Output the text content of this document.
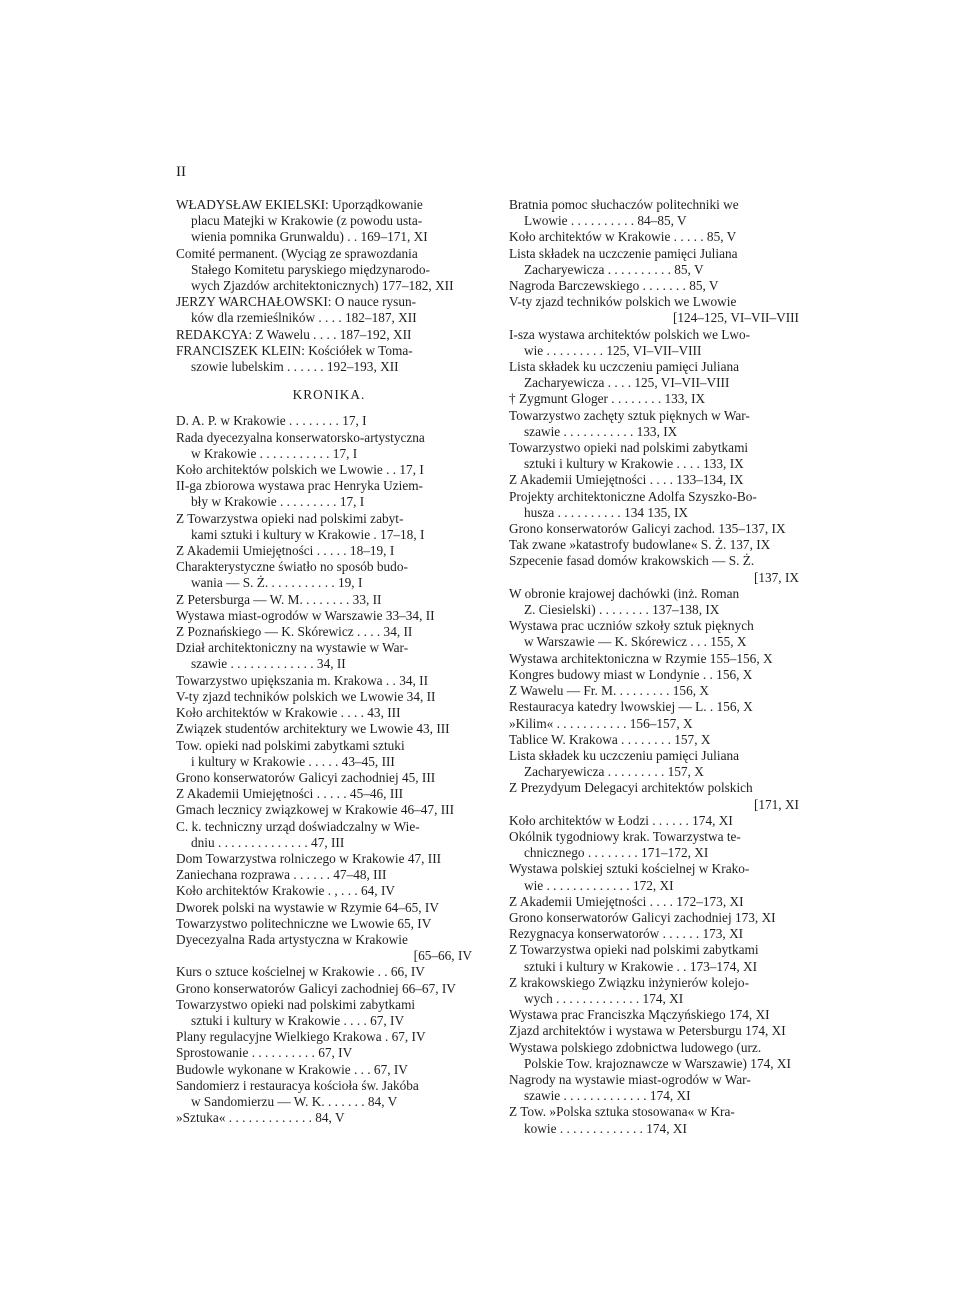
II
WŁADYSŁAW EKIELSKI: Uporządkowanie
placu Matejki w Krakowie (z powodu usta-
wienia pomnika Grunwaldu) . . 169–171, XI
Comité permanent. (Wyciąg ze sprawozdania
Stałego Komitetu paryskiego międzynarodo-
wych Zjazdów architektonicznych) 177–182, XII
JERZY WARCHAŁOWSKI: O nauce rysun-
ków dla rzemieślników . . . . 182–187, XII
REDAKCYA: Z Wawelu . . . . 187–192, XII
FRANCISZEK KLEIN: Kościółek w Toma-
szowie lubelskim . . . . . . 192–193, XII
KRONIKA.
D. A. P. w Krakowie . . . . . . . . 17, I
Rada dyecezyalna konserwatorsko-artystyczna
w Krakowie . . . . . . . . . . . 17, I
Koło architektów polskich we Lwowie . . 17, I
II-ga zbiorowa wystawa prac Henryka Uziem-
bły w Krakowie . . . . . . . . . 17, I
Z Towarzystwa opieki nad polskimi zabyt-
kami sztuki i kultury w Krakowie . 17–18, I
Z Akademii Umiejętności . . . . . 18–19, I
Charakterystyczne światło no sposób budo-
wania — S. Ż. . . . . . . . . . . 19, I
Z Petersburga — W. M. . . . . . . . 33, II
Wystawa miast-ogrodów w Warszawie 33–34, II
Z Poznańskiego — K. Skórewicz . . . . 34, II
Dział architektoniczny na wystawie w War-
szawie . . . . . . . . . . . . . 34, II
Towarzystwo upiększania m. Krakowa . . 34, II
V-ty zjazd techników polskich we Lwowie 34, II
Koło architektów w Krakowie . . . . 43, III
Związek studentów architektury we Lwowie 43, III
Tow. opieki nad polskimi zabytkami sztuki
i kultury w Krakowie . . . . . 43–45, III
Grono konserwatorów Galicyi zachodniej 45, III
Z Akademii Umiejętności . . . . . 45–46, III
Gmach lecznicy związkowej w Krakowie 46–47, III
C. k. techniczny urząd doświadczalny w Wie-
dniu . . . . . . . . . . . . . . 47, III
Dom Towarzystwa rolniczego w Krakowie 47, III
Zaniechana rozprawa . . . . . . 47–48, III
Koło architektów Krakowie . , . . . 64, IV
Dworek polski na wystawie w Rzymie 64–65, IV
Towarzystwo politechniczne we Lwowie 65, IV
Dyecezyalna Rada artystyczna w Krakowie
[65–66, IV
Kurs o sztuce kościelnej w Krakowie . . 66, IV
Grono konserwatorów Galicyi zachodniej 66–67, IV
Towarzystwo opieki nad polskimi zabytkami
sztuki i kultury w Krakowie . . . . 67, IV
Plany regulacyjne Wielkiego Krakowa . 67, IV
Sprostowanie . . . . . . . . . . 67, IV
Budowle wykonane w Krakowie . . . 67, IV
Sandomierz i restauracya kościoła św. Jakóba
w Sandomierzu –– W. K. . . . . . . 84, V
»Sztuka« . . . . . . . . . . . . . 84, V
Bratnia pomoc słuchaczów politechniki we
Lwowie . . . . . . . . . . 84–85, V
Koło architektów w Krakowie . . . . . 85, V
Lista składek na uczczenie pamięci Juliana
Zacharyewicza . . . . . . . . . . 85, V
Nagroda Barczewskiego . . . . . . . 85, V
V-ty zjazd techników polskich we Lwowie
[124–125, VI–VII–VIII
I-sza wystawa architektów polskich we Lwo-
wie . . . . . . . . . 125, VI–VII–VIII
Lista składek ku uczczeniu pamięci Juliana
Zacharyewicza . . . . 125, VI–VII–VIII
† Zygmunt Gloger . . . . . . . . 133, IX
Towarzystwo zachęty sztuk pięknych w War-
szawie . . . . . . . . . . . 133, IX
Towarzystwo opieki nad polskimi zabytkami
sztuki i kultury w Krakowie . . . . 133, IX
Z Akademii Umiejętności . . . . 133–134, IX
Projekty architektoniczne Adolfa Szyszko-Bo-
husza . . . . . . . . . . 134 135, IX
Grono konserwatorów Galicyi zachod. 135–137, IX
Tak zwane »katastrofy budowlane« S. Ż. 137, IX
Szpecenie fasad domów krakowskich — S. Ż.
[137, IX
W obronie krajowej dachówki (inż. Roman
Z. Ciesielski) . . . . . . . . 137–138, IX
Wystawa prac uczniów szkoły sztuk pięknych
w Warszawie — K. Skórewicz . . . 155, X
Wystawa architektoniczna w Rzymie 155–156, X
Kongres budowy miast w Londynie . . 156, X
Z Wawelu — Fr. M. . . . . . . . . 156, X
Restauracya katedry lwowskiej — L. . 156, X
»Kilim« . . . . . . . . . . . 156–157, X
Tablice W. Krakowa . . . . . . . . 157, X
Lista składek ku uczczeniu pamięci Juliana
Zacharyewicza . . . . . . . . . 157, X
Z Prezydyum Delegacyi architektów polskich
[171, XI
Koło architektów w Łodzi . . . . . . 174, XI
Okólnik tygodniowy krak. Towarzystwa te-
chnicznego . . . . . . . . 171–172, XI
Wystawa polskiej sztuki kościelnej w Krako-
wie . . . . . . . . . . . . . 172, XI
Z Akademii Umiejętności . . . . 172–173, XI
Grono konserwatorów Galicyi zachodniej 173, XI
Rezygnacya konserwatorów . . . . . . 173, XI
Z Towarzystwa opieki nad polskimi zabytkami
sztuki i kultury w Krakowie . . 173–174, XI
Z krakowskiego Związku inżynierów kolejo-
wych . . . . . . . . . . . . . 174, XI
Wystawa prac Franciszka Mączyńskiego 174, XI
Zjazd architektów i wystawa w Petersburgu 174, XI
Wystawa polskiego zdobnictwa ludowego (urz.
Polskie Tow. krajoznawcze w Warszawie) 174, XI
Nagrody na wystawie miast-ogrodów w War-
szawie . . . . . . . . . . . . . 174, XI
Z Tow. »Polska sztuka stosowana« w Kra-
kowie . . . . . . . . . . . . . 174, XI
